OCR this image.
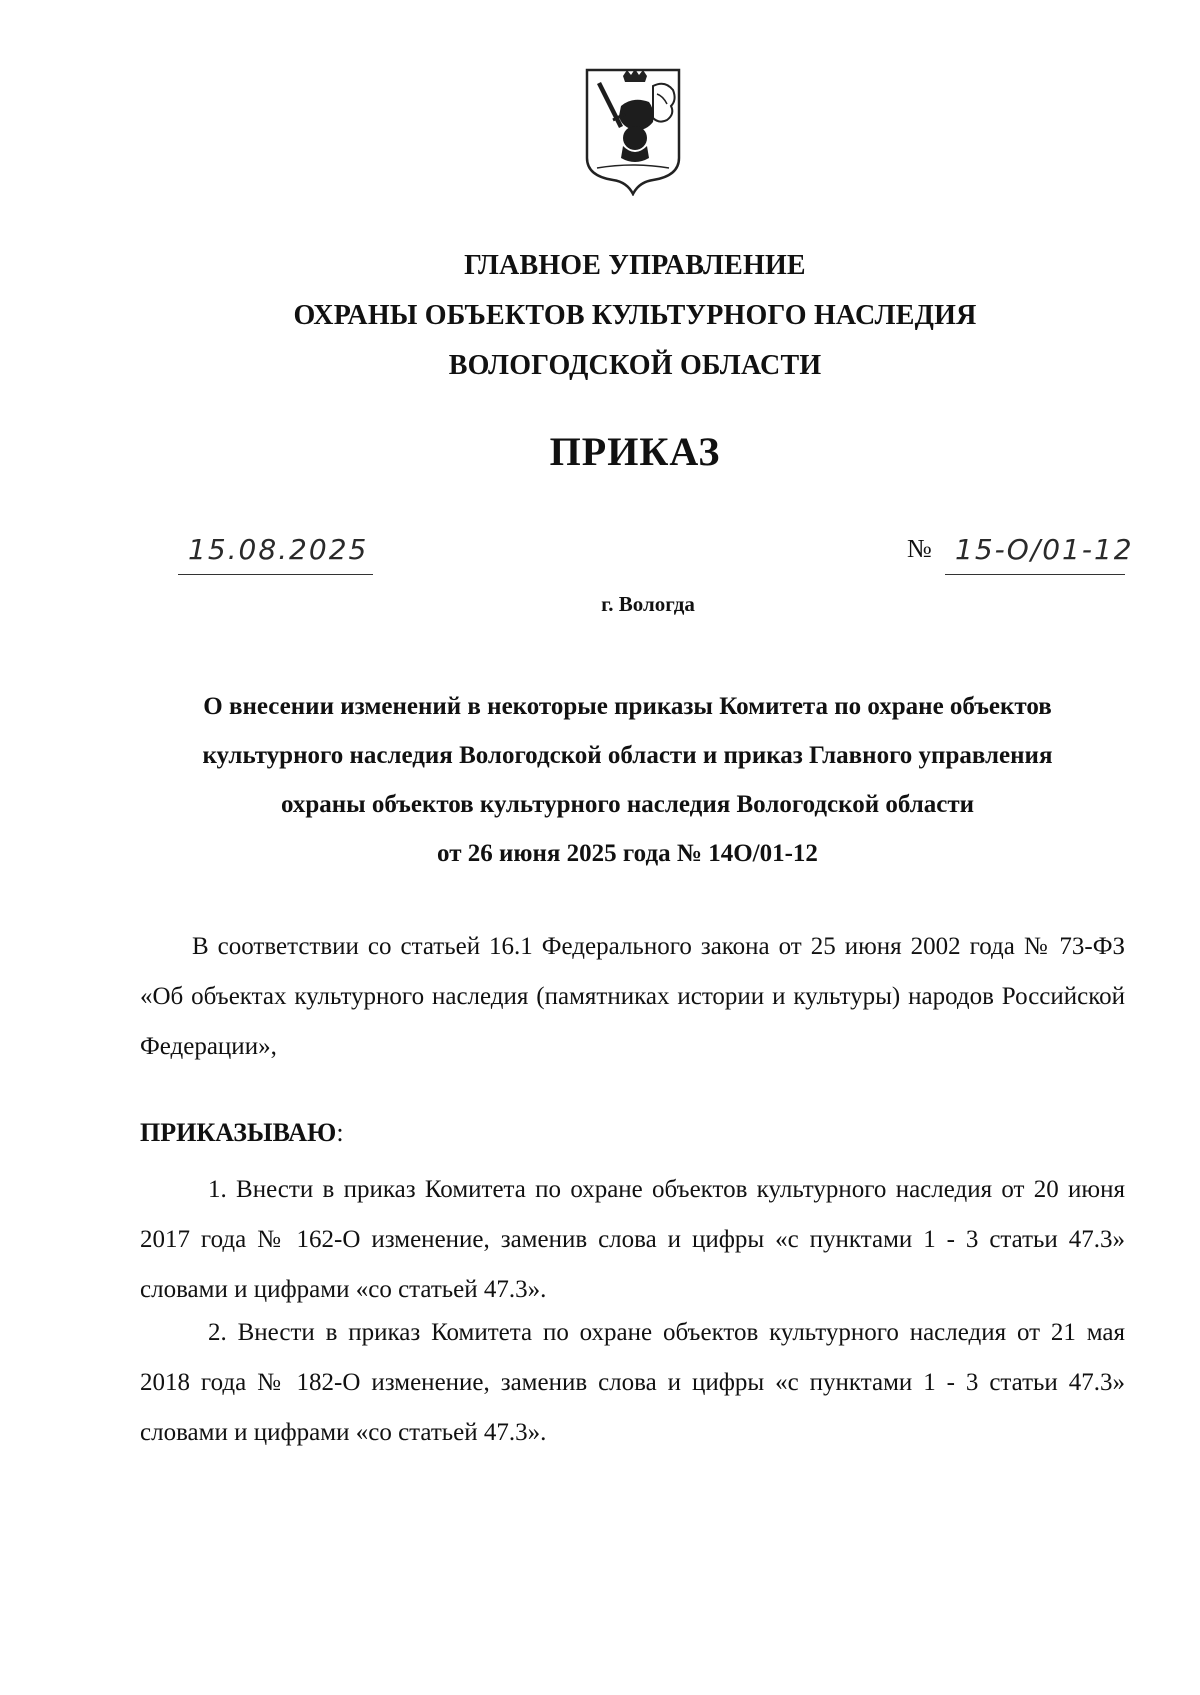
ГЛАВНОЕ УПРАВЛЕНИЕ
ОХРАНЫ ОБЪЕКТОВ КУЛЬТУРНОГО НАСЛЕДИЯ
ВОЛОГОДСКОЙ ОБЛАСТИ
ПРИКАЗ
15.08.2025	№ 15-О/01-12
г. Вологда
О внесении изменений в некоторые приказы Комитета по охране объектов
культурного наследия Вологодской области и приказ Главного управления
охраны объектов культурного наследия Вологодской области
от 26 июня 2025 года № 14О/01-12
В соответствии со статьей 16.1 Федерального закона от 25 июня 2002 года № 73-ФЗ «Об объектах культурного наследия (памятниках истории и культуры) народов Российской Федерации»,
ПРИКАЗЫВАЮ:
1. Внести в приказ Комитета по охране объектов культурного наследия от 20 июня 2017 года № 162-О изменение, заменив слова и цифры «с пунктами 1 - 3 статьи 47.3» словами и цифрами «со статьей 47.3».
2. Внести в приказ Комитета по охране объектов культурного наследия от 21 мая 2018 года № 182-О изменение, заменив слова и цифры «с пунктами 1 - 3 статьи 47.3» словами и цифрами «со статьей 47.3».
